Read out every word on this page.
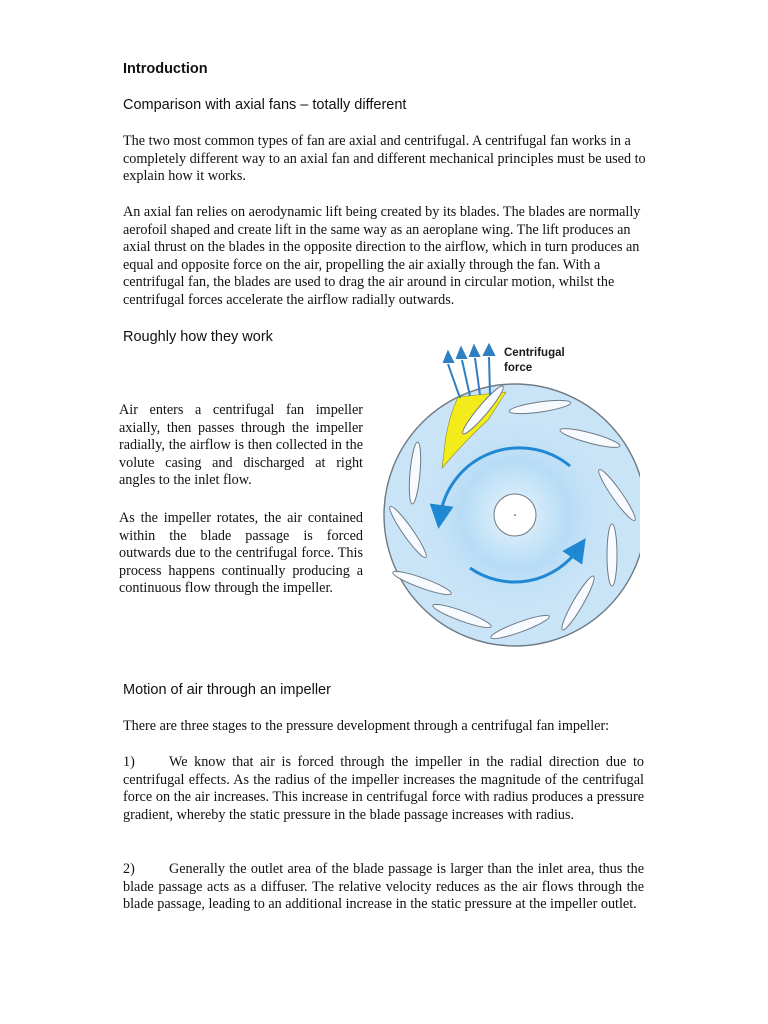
Introduction
Comparison with axial fans – totally different

The two most common types of fan are axial and centrifugal. A centrifugal fan works in a completely different way to an axial fan and different mechanical principles must be used to explain how it works.

An axial fan relies on aerodynamic lift being created by its blades. The blades are normally aerofoil shaped and create lift in the same way as an aeroplane wing. The lift produces an axial thrust on the blades in the opposite direction to the airflow, which in turn produces an equal and opposite force on the air, propelling the air axially through the fan. With a centrifugal fan, the blades are used to drag the air around in circular motion, whilst the centrifugal forces accelerate the airflow radially outwards.

Roughly how they work

Air enters a centrifugal fan impeller axially, then passes through the impeller radially, the airflow is then collected in the volute casing and discharged at right angles to the inlet flow.

As the impeller rotates, the air contained within the blade passage is forced outwards due to the centrifugal force. This process happens continually producing a continuous flow through the impeller.

Centrifugal force
Motion of air through an impeller

There are three stages to the pressure development through a centrifugal fan impeller:

1) We know that air is forced through the impeller in the radial direction due to centrifugal effects. As the radius of the impeller increases the magnitude of the centrifugal force on the air increases. This increase in centrifugal force with radius produces a pressure gradient, whereby the static pressure in the blade passage increases with radius.

2) Generally the outlet area of the blade passage is larger than the inlet area, thus the blade passage acts as a diffuser. The relative velocity reduces as the air flows through the blade passage, leading to an additional increase in the static pressure at the impeller outlet.
